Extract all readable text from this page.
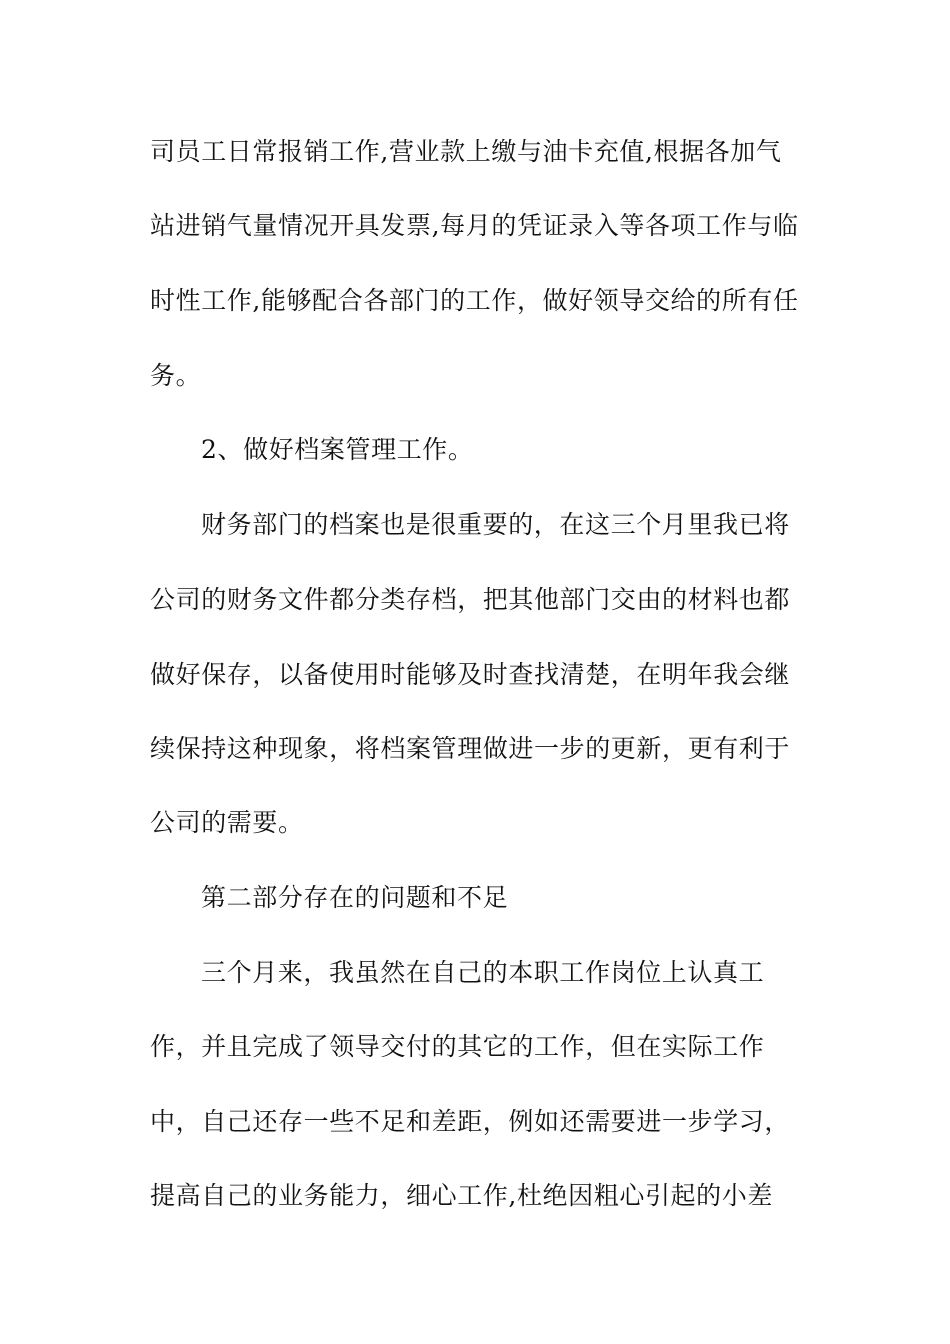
司员工日常报销工作,营业款上缴与油卡充值,根据各加气

站进销气量情况开具发票,每月的凭证录入等各项工作与临

时性工作,能够配合各部门的工作，做好领导交给的所有任

务。

2、做好档案管理工作。

财务部门的档案也是很重要的，在这三个月里我已将

公司的财务文件都分类存档，把其他部门交由的材料也都

做好保存，以备使用时能够及时查找清楚，在明年我会继

续保持这种现象，将档案管理做进一步的更新，更有利于

公司的需要。

第二部分存在的问题和不足

三个月来，我虽然在自己的本职工作岗位上认真工

作，并且完成了领导交付的其它的工作，但在实际工作

中，自己还存一些不足和差距，例如还需要进一步学习，

提高自己的业务能力，细心工作,杜绝因粗心引起的小差
